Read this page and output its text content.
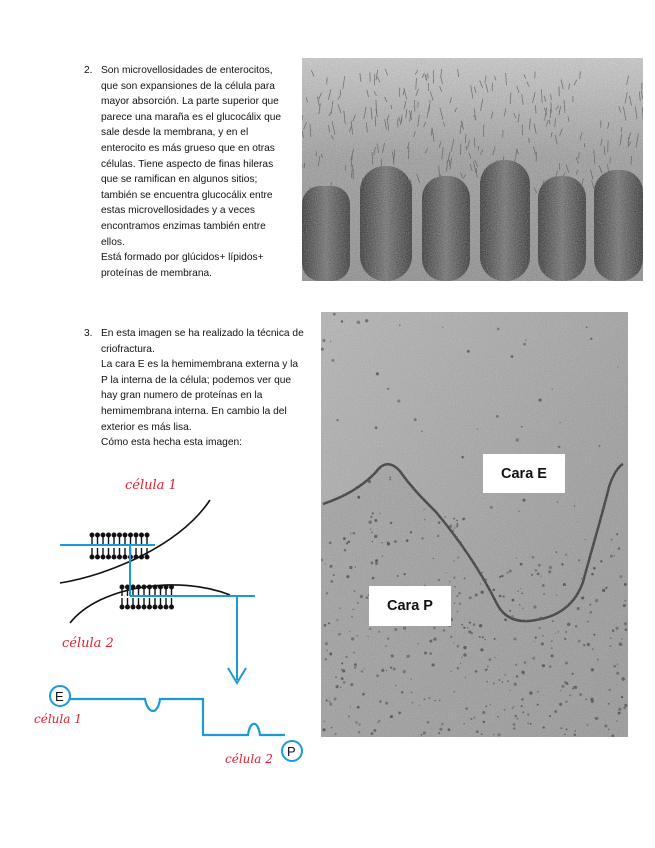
2. Son microvellosidades de enterocitos,
que son expansiones de la célula para
mayor absorción. La parte superior que
parece una maraña es el glucocálix que
sale desde la membrana, y en el
enterocito es más grueso que en otras
células. Tiene aspecto de finas hileras
que se ramifican en algunos sitios;
también se encuentra glucocálix entre
estas microvellosidades y a veces
encontramos enzimas también entre
ellos.
Está formado por glúcidos+ lípidos+
proteínas de membrana.
3. En esta imagen se ha realizado la técnica de
criofractura.
La cara E es la hemimembrana externa y la
P la interna de la célula; podemos ver que
hay gran numero de proteínas en la
hemimembrana interna. En cambio la del
exterior es más lisa.
Cómo esta hecha esta imagen:
Cara E
Cara P
célula 1
célula 2
E
célula 1
P
célula 2
